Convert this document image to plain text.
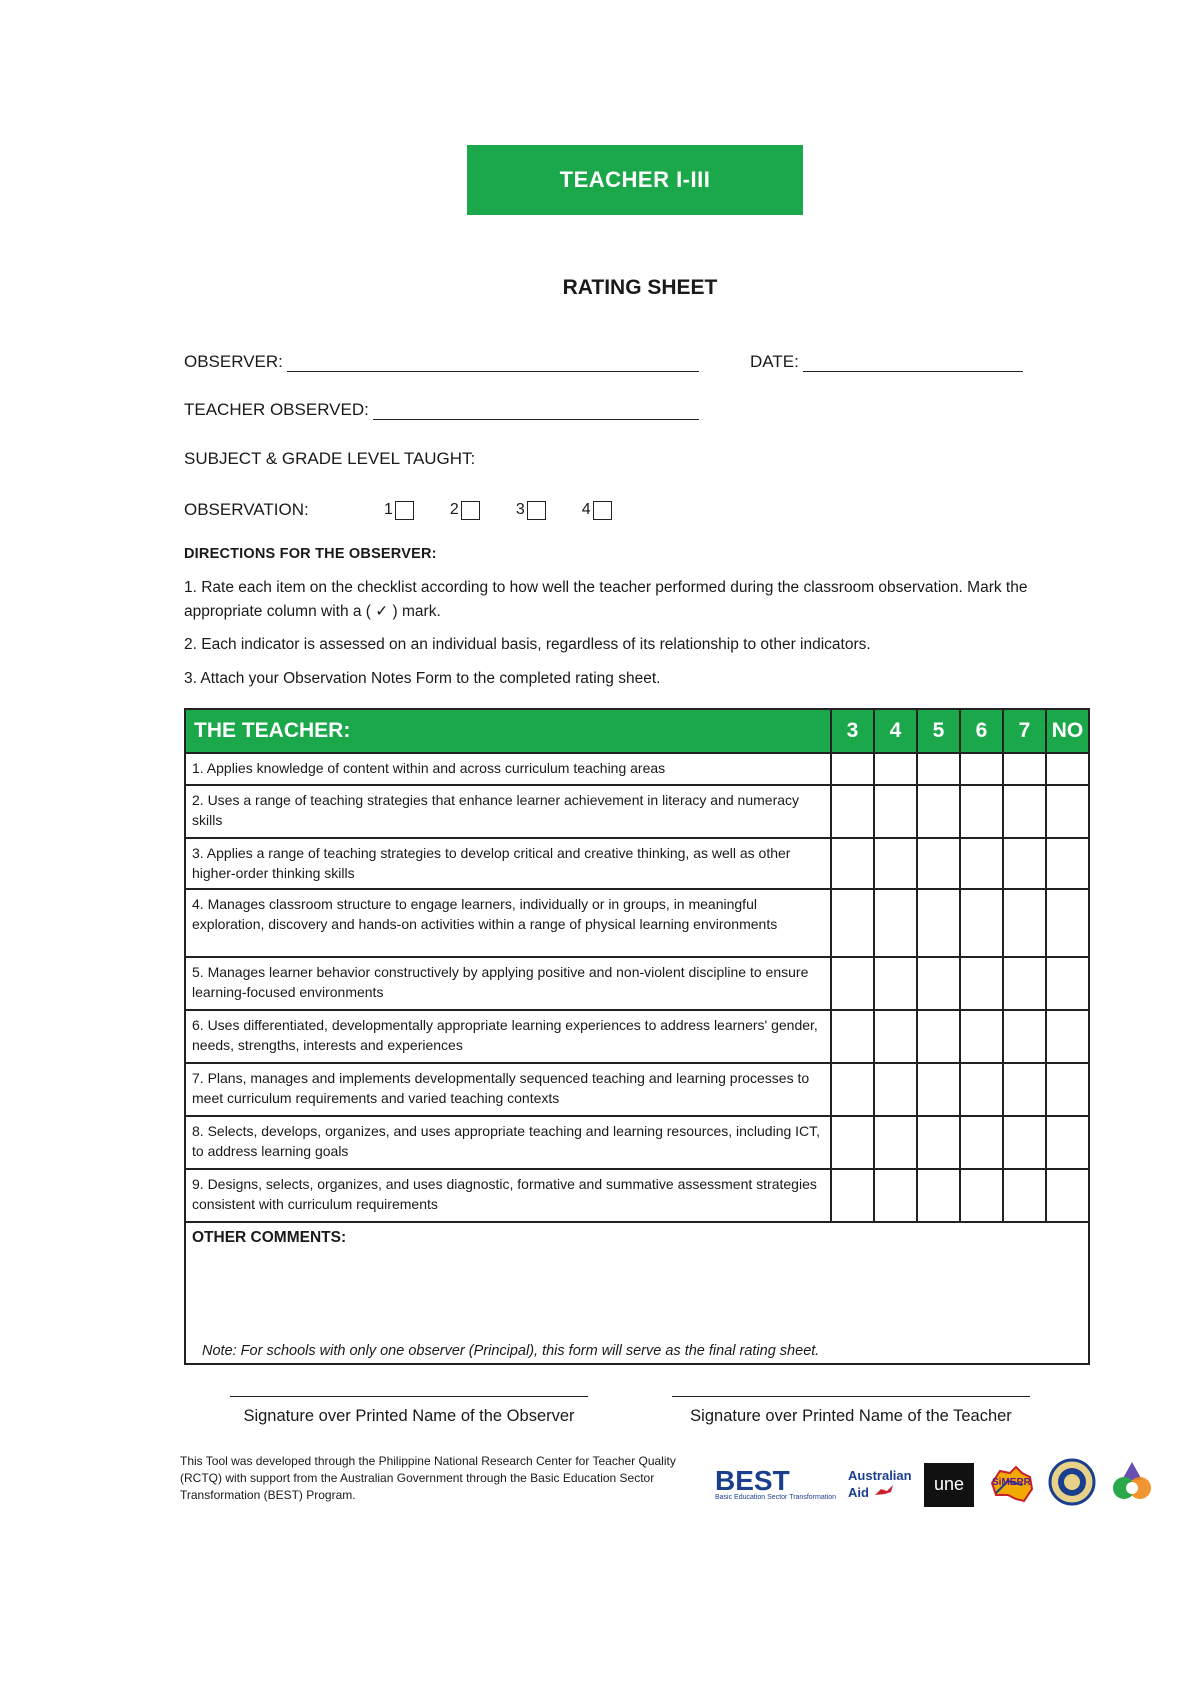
TEACHER I-III
RATING SHEET
OBSERVER:	DATE:
TEACHER OBSERVED:
SUBJECT & GRADE LEVEL TAUGHT:
OBSERVATION:	1	2	3	4
DIRECTIONS FOR THE OBSERVER:
1. Rate each item on the checklist according to how well the teacher performed during the classroom observation. Mark the appropriate column with a ( ✓ ) mark.
2. Each indicator is assessed on an individual basis, regardless of its relationship to other indicators.
3. Attach your Observation Notes Form to the completed rating sheet.
THE TEACHER:	3	4	5	6	7	NO
1. Applies knowledge of content within and across curriculum teaching areas						
2. Uses a range of teaching strategies that enhance learner achievement in literacy and numeracy skills						
3. Applies a range of teaching strategies to develop critical and creative thinking, as well as other higher-order thinking skills						
4. Manages classroom structure to engage learners, individually or in groups, in meaningful exploration, discovery and hands-on activities within a range of physical learning environments						
5. Manages learner behavior constructively by applying positive and non-violent discipline to ensure learning-focused environments						
6. Uses differentiated, developmentally appropriate learning experiences to address learners' gender, needs, strengths, interests and experiences						
7. Plans, manages and implements developmentally sequenced teaching and learning processes to meet curriculum requirements and varied teaching contexts						
8. Selects, develops, organizes, and uses appropriate teaching and learning resources, including ICT, to address learning goals						
9. Designs, selects, organizes, and uses diagnostic, formative and summative assessment strategies consistent with curriculum requirements						

OTHER COMMENTS:
Note: For schools with only one observer (Principal), this form will serve as the final rating sheet.						
Signature over Printed Name of the Observer	Signature over Printed Name of the Teacher
This Tool was developed through the Philippine National Research Center for Teacher Quality (RCTQ) with support from the Australian Government through the Basic Education Sector Transformation (BEST) Program.	BEST
Basic Education Sector Transformation
Australian Aid	une	SiMERR
